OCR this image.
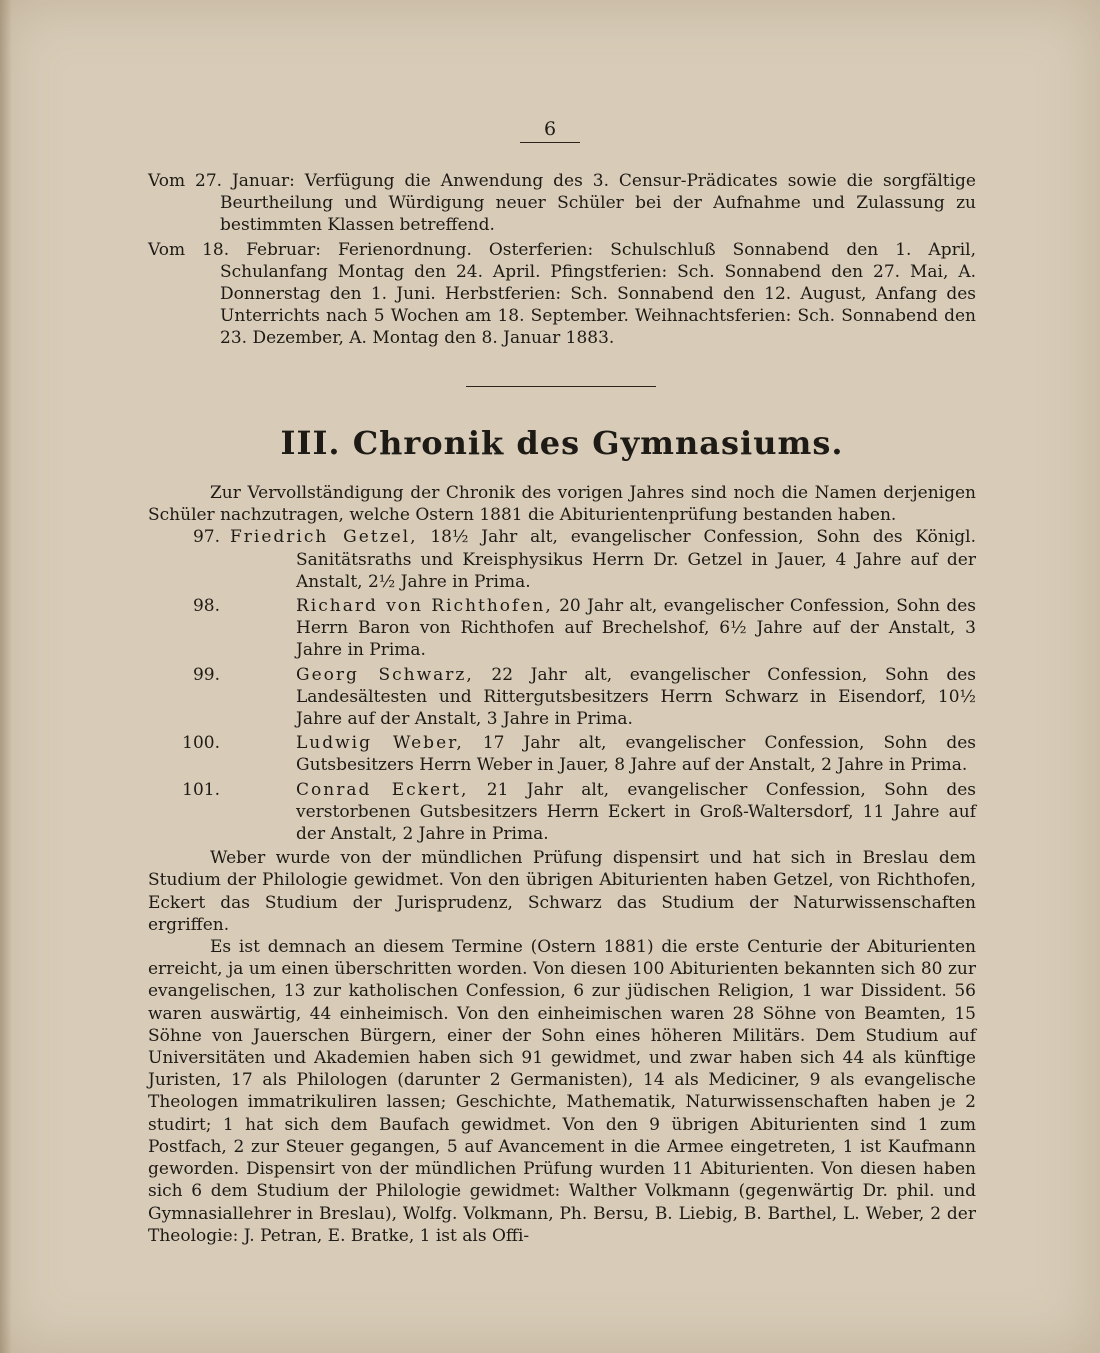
6

Vom 27. Januar: Verfügung die Anwendung des 3. Censur-Prädicates sowie die sorgfältige Beurtheilung und Würdigung neuer Schüler bei der Aufnahme und Zulassung zu bestimmten Klassen betreffend.

Vom 18. Februar: Ferienordnung. Osterferien: Schulschluß Sonnabend den 1. April, Schulanfang Montag den 24. April. Pfingstferien: Sch. Sonnabend den 27. Mai, A. Donnerstag den 1. Juni. Herbstferien: Sch. Sonnabend den 12. August, Anfang des Unterrichts nach 5 Wochen am 18. September. Weihnachtsferien: Sch. Sonnabend den 23. Dezember, A. Montag den 8. Januar 1883.

III. Chronik des Gymnasiums.

Zur Vervollständigung der Chronik des vorigen Jahres sind noch die Namen derjenigen Schüler nachzutragen, welche Ostern 1881 die Abiturientenprüfung bestanden haben.

97. Friedrich Getzel, 18½ Jahr alt, evangelischer Confession, Sohn des Königl. Sanitätsraths und Kreisphysikus Herrn Dr. Getzel in Jauer, 4 Jahre auf der Anstalt, 2½ Jahre in Prima.
98.	Richard von Richthofen, 20 Jahr alt, evangelischer Confession, Sohn des Herrn Baron von Richthofen auf Brechelshof, 6½ Jahre auf der Anstalt, 3 Jahre in Prima.
99.	Georg Schwarz, 22 Jahr alt, evangelischer Confession, Sohn des Landesältesten und Rittergutsbesitzers Herrn Schwarz in Eisendorf, 10½ Jahre auf der Anstalt, 3 Jahre in Prima.
100.	Ludwig Weber, 17 Jahr alt, evangelischer Confession, Sohn des Gutsbesitzers Herrn Weber in Jauer, 8 Jahre auf der Anstalt, 2 Jahre in Prima.
101.	Conrad Eckert, 21 Jahr alt, evangelischer Confession, Sohn des verstorbenen Gutsbesitzers Herrn Eckert in Groß-Waltersdorf, 11 Jahre auf der Anstalt, 2 Jahre in Prima.

Weber wurde von der mündlichen Prüfung dispensirt und hat sich in Breslau dem Studium der Philologie gewidmet. Von den übrigen Abiturienten haben Getzel, von Richthofen, Eckert das Studium der Jurisprudenz, Schwarz das Studium der Naturwissenschaften ergriffen.

Es ist demnach an diesem Termine (Ostern 1881) die erste Centurie der Abiturienten erreicht, ja um einen überschritten worden. Von diesen 100 Abiturienten bekannten sich 80 zur evangelischen, 13 zur katholischen Confession, 6 zur jüdischen Religion, 1 war Dissident. 56 waren auswärtig, 44 einheimisch. Von den einheimischen waren 28 Söhne von Beamten, 15 Söhne von Jauerschen Bürgern, einer der Sohn eines höheren Militärs. Dem Studium auf Universitäten und Akademien haben sich 91 gewidmet, und zwar haben sich 44 als künftige Juristen, 17 als Philologen (darunter 2 Germanisten), 14 als Mediciner, 9 als evangelische Theologen immatrikuliren lassen; Geschichte, Mathematik, Naturwissenschaften haben je 2 studirt; 1 hat sich dem Baufach gewidmet. Von den 9 übrigen Abiturienten sind 1 zum Postfach, 2 zur Steuer gegangen, 5 auf Avancement in die Armee eingetreten, 1 ist Kaufmann geworden. Dispensirt von der mündlichen Prüfung wurden 11 Abiturienten. Von diesen haben sich 6 dem Studium der Philologie gewidmet: Walther Volkmann (gegenwärtig Dr. phil. und Gymnasiallehrer in Breslau), Wolfg. Volkmann, Ph. Bersu, B. Liebig, B. Barthel, L. Weber, 2 der Theologie: J. Petran, E. Bratke, 1 ist als Offi-
